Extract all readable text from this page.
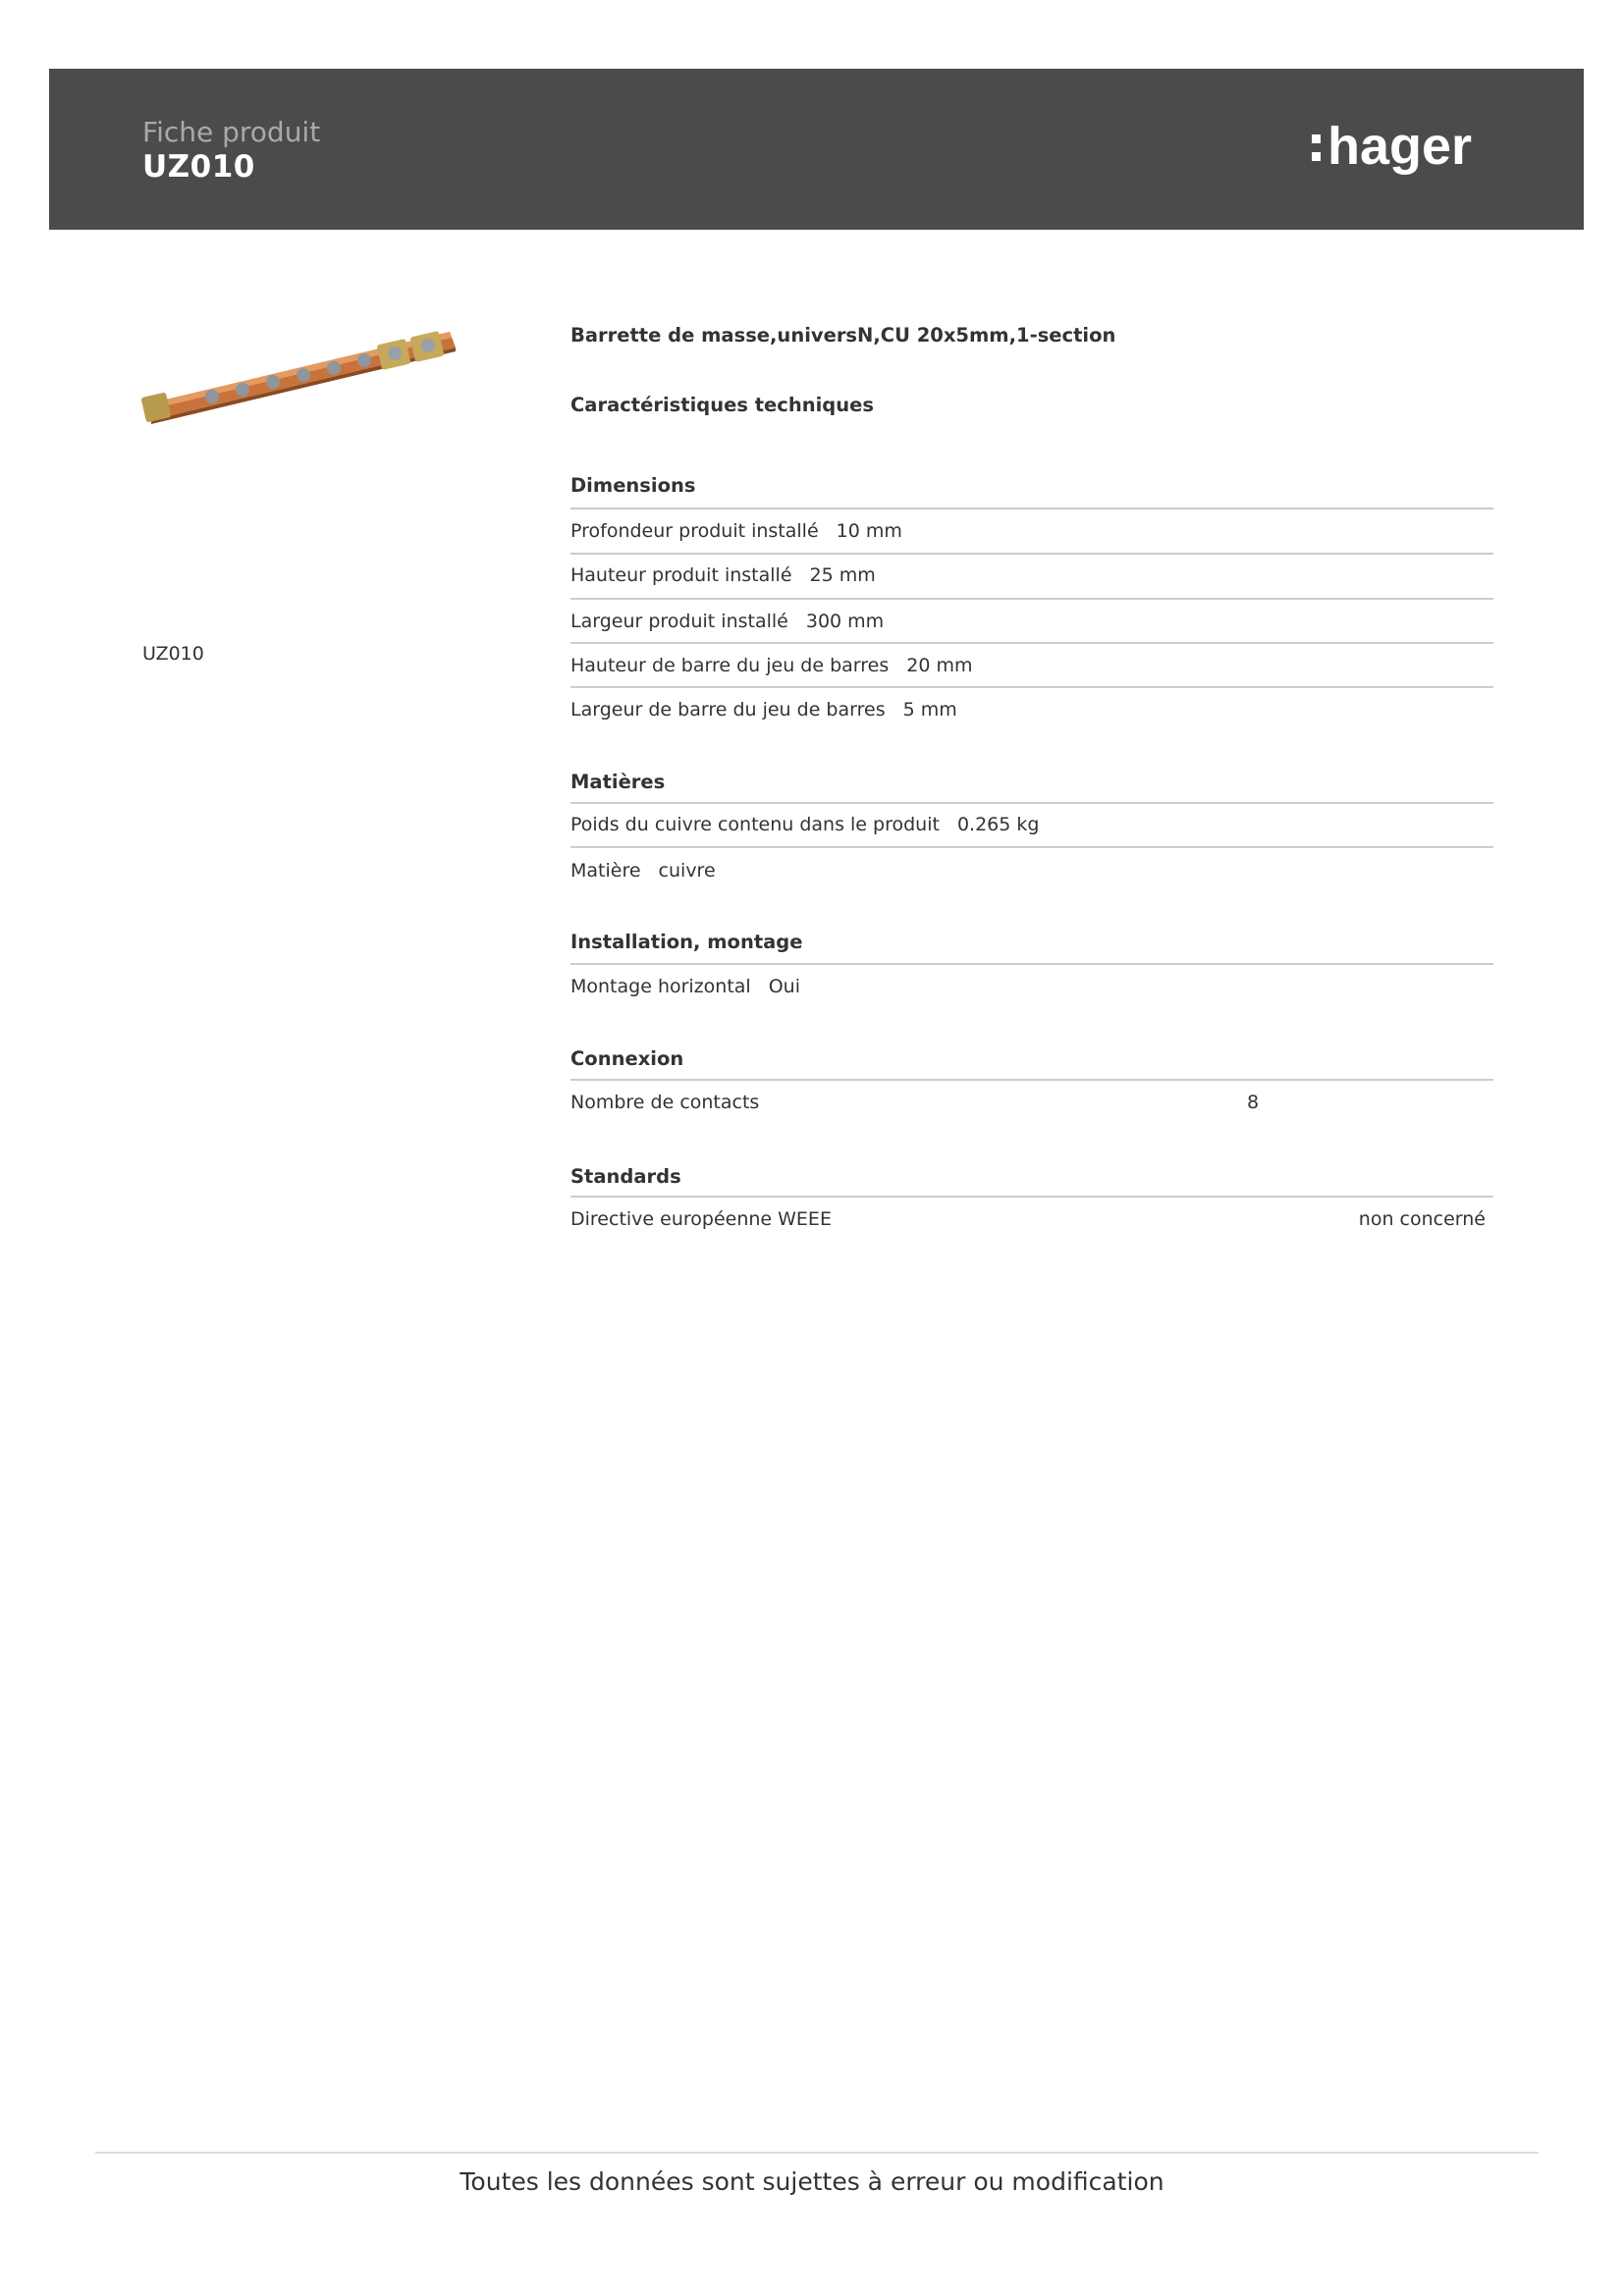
Fiche produit
UZ010	hager
UZ010
Barrette de masse,universN,CU 20x5mm,1-section
Caractéristiques techniques
Dimensions
Profondeur produit installé 10 mm
Hauteur produit installé 25 mm
Largeur produit installé 300 mm
Hauteur de barre du jeu de barres 20 mm
Largeur de barre du jeu de barres 5 mm
Matières
Poids du cuivre contenu dans le produit 0.265 kg
Matière cuivre
Installation, montage
Montage horizontal Oui
Connexion
Nombre de contacts	8
Standards
Directive européenne WEEE	non concerné
Toutes les données sont sujettes à erreur ou modification
